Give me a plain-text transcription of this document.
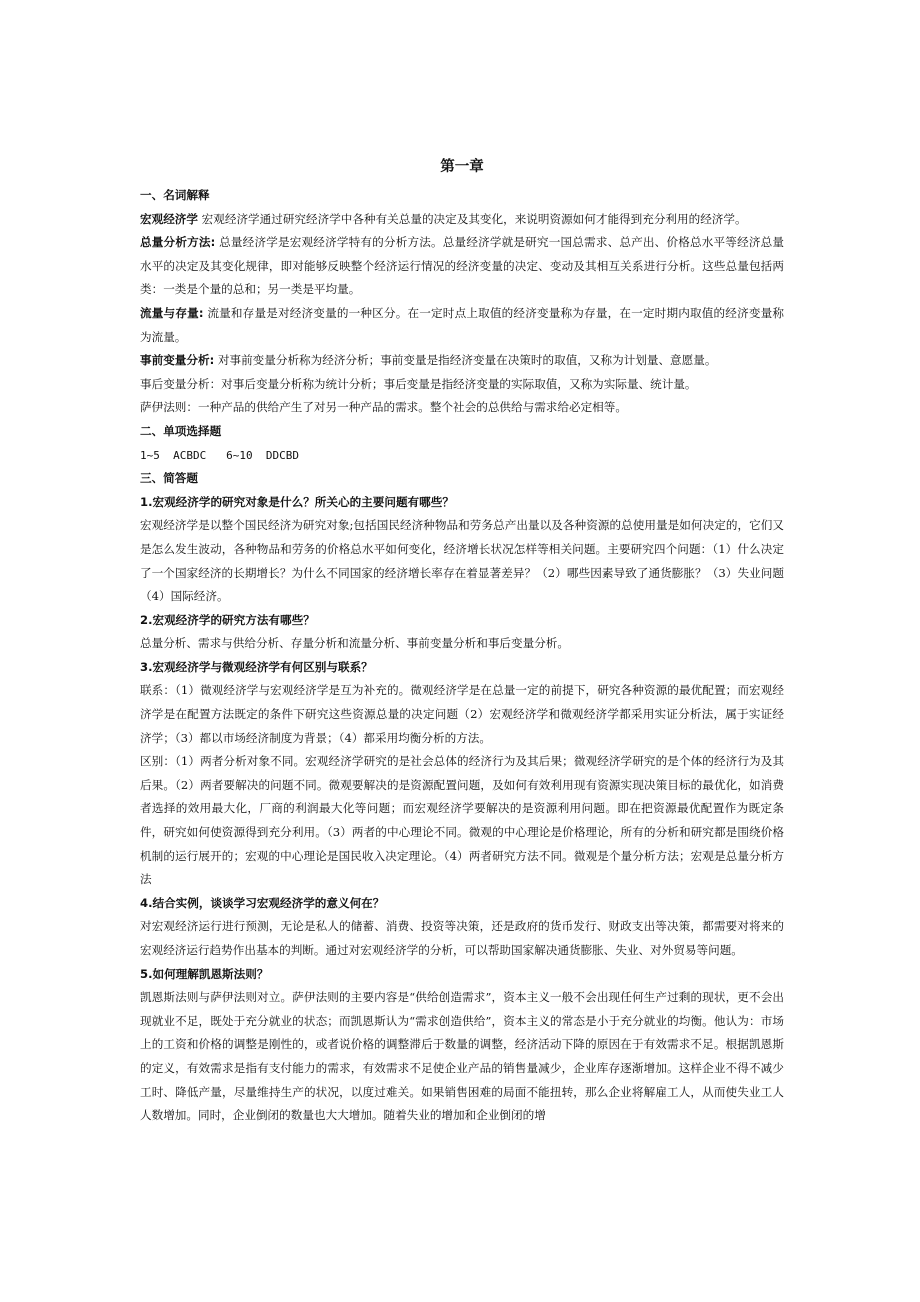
第一章

一、名词解释

宏观经济学 宏观经济学通过研究经济学中各种有关总量的决定及其变化，来说明资源如何才能得到充分利用的经济学。

总量分析方法: 总量经济学是宏观经济学特有的分析方法。总量经济学就是研究一国总需求、总产出、价格总水平等经济总量水平的决定及其变化规律，即对能够反映整个经济运行情况的经济变量的决定、变动及其相互关系进行分析。这些总量包括两类：一类是个量的总和；另一类是平均量。

流量与存量: 流量和存量是对经济变量的一种区分。在一定时点上取值的经济变量称为存量，在一定时期内取值的经济变量称为流量。

事前变量分析: 对事前变量分析称为经济分析；事前变量是指经济变量在决策时的取值，又称为计划量、意愿量。

事后变量分析：对事后变量分析称为统计分析；事后变量是指经济变量的实际取值，又称为实际量、统计量。

萨伊法则：一种产品的供给产生了对另一种产品的需求。整个社会的总供给与需求给必定相等。

二、单项选择题

1~5  ACBDC   6~10  DDCBD

三、简答题

1.宏观经济学的研究对象是什么？所关心的主要问题有哪些？

宏观经济学是以整个国民经济为研究对象;包括国民经济种物品和劳务总产出量以及各种资源的总使用量是如何决定的，它们又是怎么发生波动，各种物品和劳务的价格总水平如何变化，经济增长状况怎样等相关问题。主要研究四个问题：（1）什么决定了一个国家经济的长期增长？为什么不同国家的经济增长率存在着显著差异？（2）哪些因素导致了通货膨胀？（3）失业问题（4）国际经济。

2.宏观经济学的研究方法有哪些？

总量分析、需求与供给分析、存量分析和流量分析、事前变量分析和事后变量分析。

3.宏观经济学与微观经济学有何区别与联系？

联系：（1）微观经济学与宏观经济学是互为补充的。微观经济学是在总量一定的前提下，研究各种资源的最优配置；而宏观经济学是在配置方法既定的条件下研究这些资源总量的决定问题（2）宏观经济学和微观经济学都采用实证分析法，属于实证经济学；（3）都以市场经济制度为背景；（4）都采用均衡分析的方法。

区别：（1）两者分析对象不同。宏观经济学研究的是社会总体的经济行为及其后果；微观经济学研究的是个体的经济行为及其后果。（2）两者要解决的问题不同。微观要解决的是资源配置问题，及如何有效利用现有资源实现决策目标的最优化，如消费者选择的效用最大化，厂商的利润最大化等问题；而宏观经济学要解决的是资源利用问题。即在把资源最优配置作为既定条件，研究如何使资源得到充分利用。（3）两者的中心理论不同。微观的中心理论是价格理论，所有的分析和研究都是围绕价格机制的运行展开的；宏观的中心理论是国民收入决定理论。（4）两者研究方法不同。微观是个量分析方法；宏观是总量分析方法

4.结合实例，谈谈学习宏观经济学的意义何在？

对宏观经济运行进行预测，无论是私人的储蓄、消费、投资等决策，还是政府的货币发行、财政支出等决策，都需要对将来的宏观经济运行趋势作出基本的判断。通过对宏观经济学的分析，可以帮助国家解决通货膨胀、失业、对外贸易等问题。

5.如何理解凯恩斯法则？

凯恩斯法则与萨伊法则对立。萨伊法则的主要内容是“供给创造需求”，资本主义一般不会出现任何生产过剩的现状，更不会出现就业不足，既处于充分就业的状态；而凯恩斯认为“需求创造供给”，资本主义的常态是小于充分就业的均衡。他认为：市场上的工资和价格的调整是刚性的，或者说价格的调整滞后于数量的调整，经济活动下降的原因在于有效需求不足。根据凯恩斯的定义，有效需求是指有支付能力的需求，有效需求不足使企业产品的销售量减少，企业库存逐渐增加。这样企业不得不减少工时、降低产量，尽量维持生产的状况，以度过难关。如果销售困难的局面不能扭转，那么企业将解雇工人，从而使失业工人人数增加。同时，企业倒闭的数量也大大增加。随着失业的增加和企业倒闭的增
